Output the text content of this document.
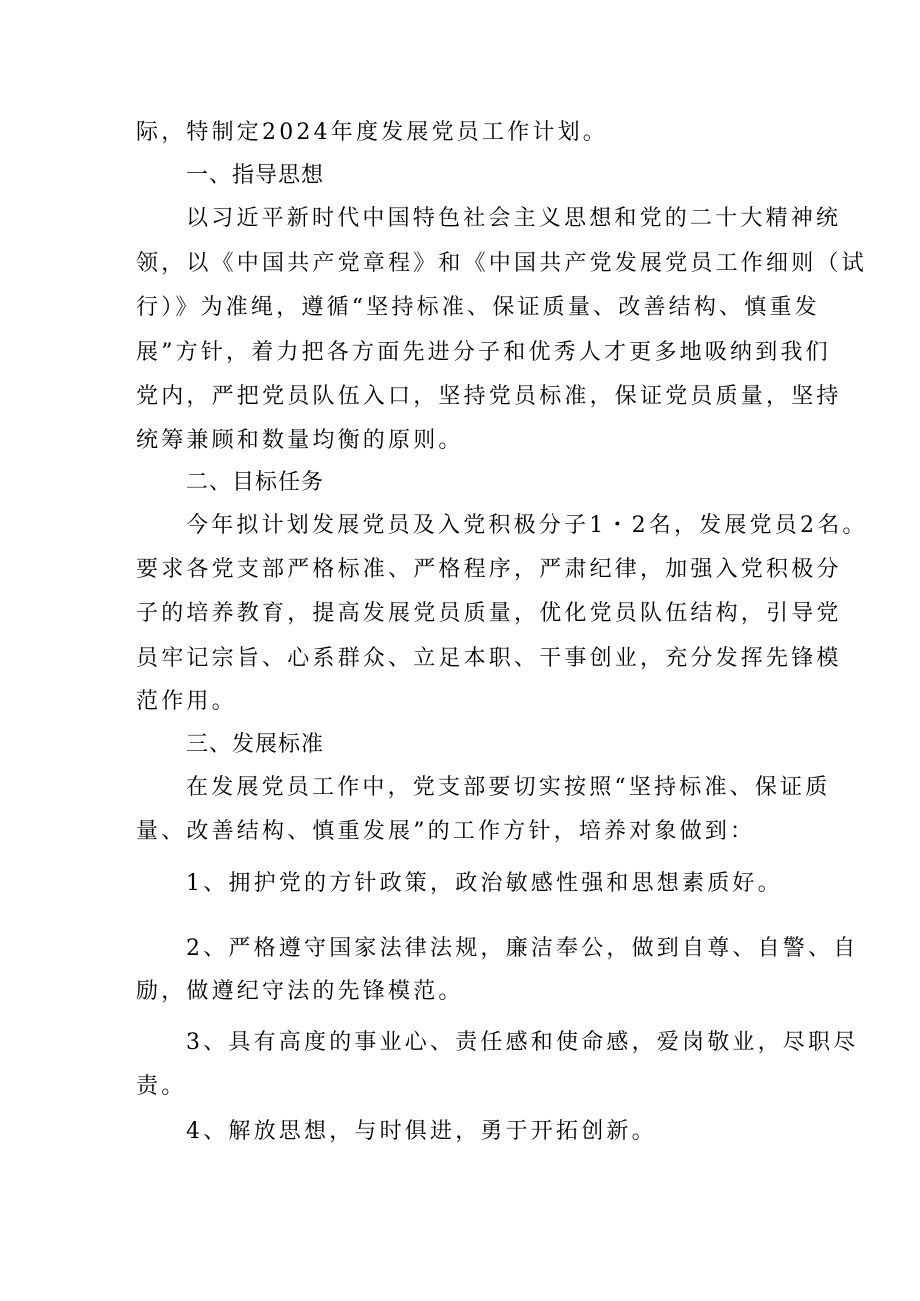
际，特制定2024年度发展党员工作计划。
一、指导思想
以习近平新时代中国特色社会主义思想和党的二十大精神统
领，以《中国共产党章程》和《中国共产党发展党员工作细则（试
行）》为准绳，遵循“坚持标准、保证质量、改善结构、慎重发
展”方针，着力把各方面先进分子和优秀人才更多地吸纳到我们
党内，严把党员队伍入口，坚持党员标准，保证党员质量，坚持
统筹兼顾和数量均衡的原则。
二、目标任务
今年拟计划发展党员及入党积极分子1・2名，发展党员2名。
要求各党支部严格标准、严格程序，严肃纪律，加强入党积极分
子的培养教育，提高发展党员质量，优化党员队伍结构，引导党
员牢记宗旨、心系群众、立足本职、干事创业，充分发挥先锋模
范作用。
三、发展标准
在发展党员工作中，党支部要切实按照“坚持标准、保证质
量、改善结构、慎重发展”的工作方针，培养对象做到：
1、拥护党的方针政策，政治敏感性强和思想素质好。
2、严格遵守国家法律法规，廉洁奉公，做到自尊、自警、自
励，做遵纪守法的先锋模范。
3、具有高度的事业心、责任感和使命感，爱岗敬业，尽职尽
责。
4、解放思想，与时俱进，勇于开拓创新。
